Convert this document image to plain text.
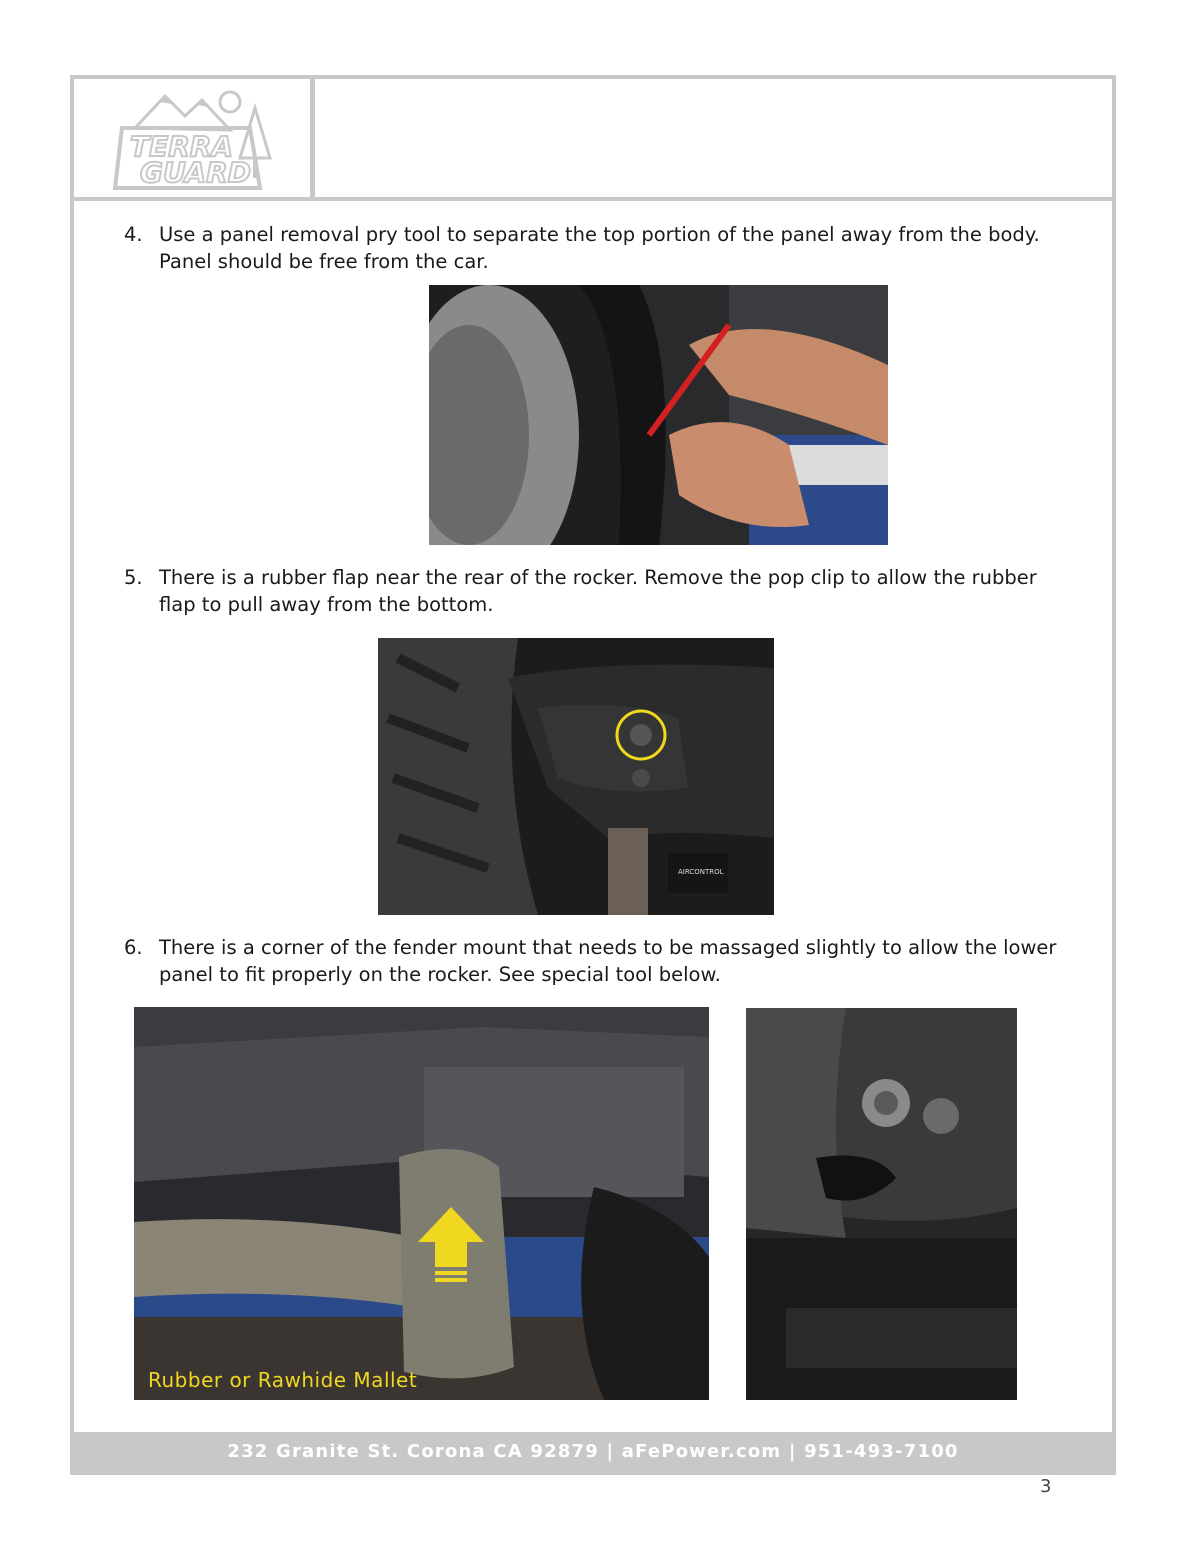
TERRA
GUARD
4. Use a panel removal pry tool to separate the top portion of the panel away from the body. Panel should be free from the car.
5. There is a rubber flap near the rear of the rocker. Remove the pop clip to allow the rubber flap to pull away from the bottom.
AIRCONTROL
6. There is a corner of the fender mount that needs to be massaged slightly to allow the lower panel to fit properly on the rocker. See special tool below.
Rubber or Rawhide Mallet
232 Granite St. Corona CA 92879 | aFePower.com | 951-493-7100
3
